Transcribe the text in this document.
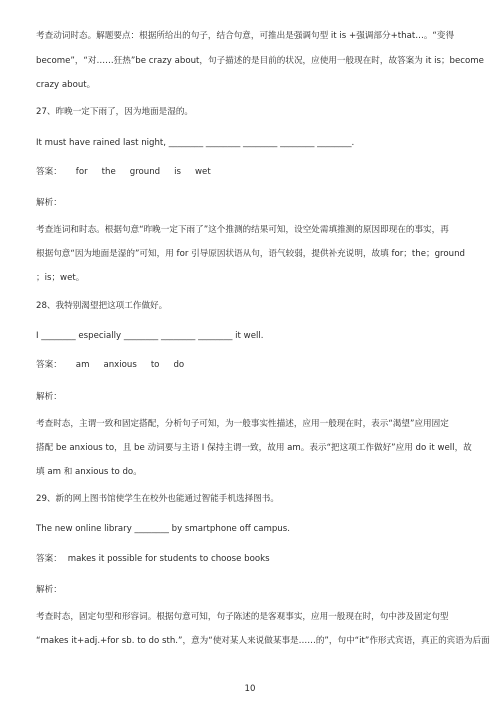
考查动词时态。解题要点：根据所给出的句子，结合句意，可推出是强调句型 it is +强调部分+that…。“变得
become”，“对……狂热”be crazy about，句子描述的是目前的状况，应使用一般现在时，故答案为 it is；become
crazy about。
27、昨晚一定下雨了，因为地面是湿的。
It must have rained last night, ________ ________ ________ ________ ________.
答案： for the ground is wet
解析：
考查连词和时态。根据句意“昨晚一定下雨了”这个推测的结果可知，设空处需填推测的原因即现在的事实，再
根据句意“因为地面是湿的”可知，用 for 引导原因状语从句，语气较弱，提供补充说明，故填 for；the；ground
；is；wet。
28、我特别渴望把这项工作做好。
I ________ especially ________ ________ ________ it well.
答案： am anxious to do
解析：
考查时态，主谓一致和固定搭配，分析句子可知，为一般事实性描述，应用一般现在时，表示“渴望”应用固定
搭配 be anxious to，且 be 动词要与主语 I 保持主谓一致，故用 am。表示“把这项工作做好”应用 do it well，故
填 am 和 anxious to do。
29、新的网上图书馆使学生在校外也能通过智能手机选择图书。
The new online library ________ by smartphone off campus.
答案： makes it possible for students to choose books
解析：
考查时态，固定句型和形容词。根据句意可知，句子陈述的是客观事实，应用一般现在时，句中涉及固定句型
“makes it+adj.+for sb. to do sth.”，意为“使对某人来说做某事是……的”，句中“it”作形式宾语，真正的宾语为后面
10
